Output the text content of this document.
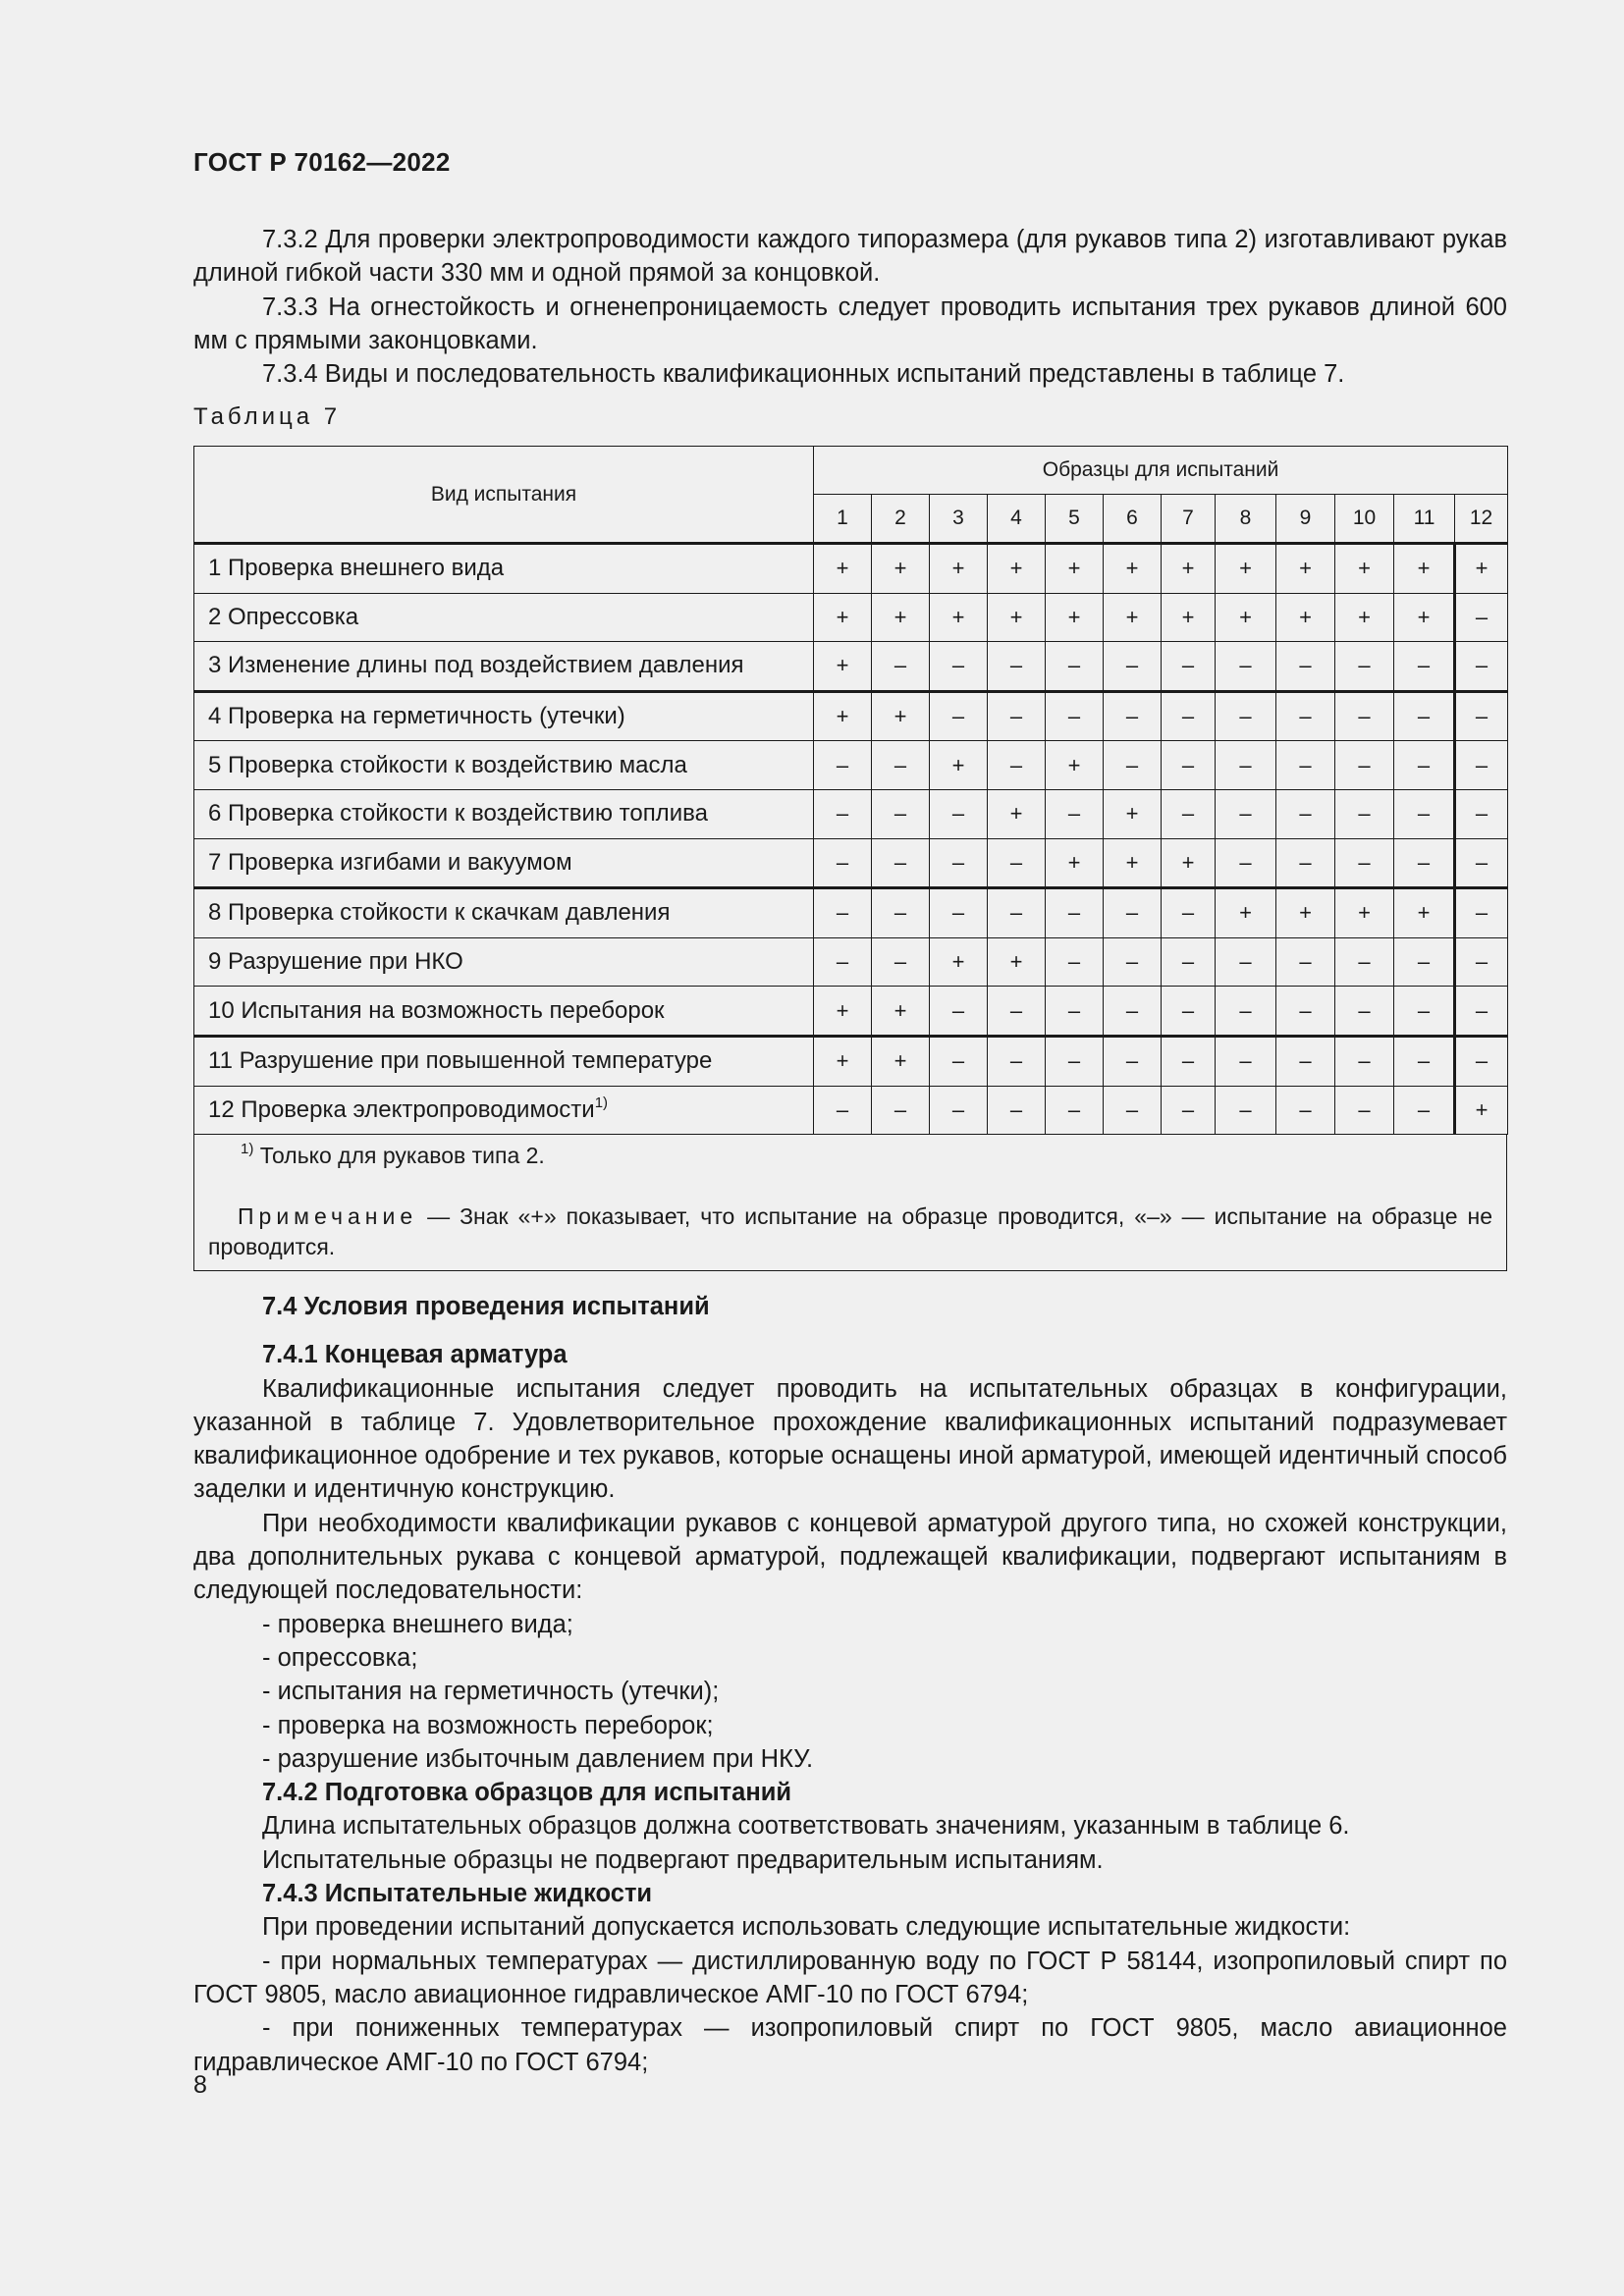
ГОСТ Р 70162—2022

7.3.2 Для проверки электропроводимости каждого типоразмера (для рукавов типа 2) изготавливают рукав длиной гибкой части 330 мм и одной прямой за концовкой.

7.3.3 На огнестойкость и огненепроницаемость следует проводить испытания трех рукавов длиной 600 мм с прямыми законцовками.

7.3.4 Виды и последовательность квалификационных испытаний представлены в таблице 7.

Таблица 7
Вид испытания	Образцы для испытаний											
	1	2	3	4	5	6	7	8	9	10	11	12
1 Проверка внешнего вида	+	+	+	+	+	+	+	+	+	+	+	+
2 Опрессовка	+	+	+	+	+	+	+	+	+	+	+	–
3 Изменение длины под воздействием давления	+	–	–	–	–	–	–	–	–	–	–	–
4 Проверка на герметичность (утечки)	+	+	–	–	–	–	–	–	–	–	–	–
5 Проверка стойкости к воздействию масла	–	–	+	–	+	–	–	–	–	–	–	–
6 Проверка стойкости к воздействию топлива	–	–	–	+	–	+	–	–	–	–	–	–
7 Проверка изгибами и вакуумом	–	–	–	–	+	+	+	–	–	–	–	–
8 Проверка стойкости к скачкам давления	–	–	–	–	–	–	–	+	+	+	+	–
9 Разрушение при НКО	–	–	+	+	–	–	–	–	–	–	–	–
10 Испытания на возможность переборок	+	+	–	–	–	–	–	–	–	–	–	–
11 Разрушение при повышенной температуре	+	+	–	–	–	–	–	–	–	–	–	–
12 Проверка электропроводимости$^{1)}$	–	–	–	–	–	–	–	–	–	–	–	+

$^{1)}$ Только для рукавов типа 2.

Примечание — Знак «+» показывает, что испытание на образце проводится, «–» — испытание на образце не проводится.

7.4 Условия проведения испытаний

7.4.1 Концевая арматура

Квалификационные испытания следует проводить на испытательных образцах в конфигурации, указанной в таблице 7. Удовлетворительное прохождение квалификационных испытаний подразумевает квалификационное одобрение и тех рукавов, которые оснащены иной арматурой, имеющей идентичный способ заделки и идентичную конструкцию.

При необходимости квалификации рукавов с концевой арматурой другого типа, но схожей конструкции, два дополнительных рукава с концевой арматурой, подлежащей квалификации, подвергают испытаниям в следующей последовательности:

- проверка внешнего вида;

- опрессовка;

- испытания на герметичность (утечки);

- проверка на возможность переборок;

- разрушение избыточным давлением при НКУ.

7.4.2 Подготовка образцов для испытаний

Длина испытательных образцов должна соответствовать значениям, указанным в таблице 6.

Испытательные образцы не подвергают предварительным испытаниям.

7.4.3 Испытательные жидкости

При проведении испытаний допускается использовать следующие испытательные жидкости:

- при нормальных температурах — дистиллированную воду по ГОСТ Р 58144, изопропиловый спирт по ГОСТ 9805, масло авиационное гидравлическое АМГ-10 по ГОСТ 6794;

- при пониженных температурах — изопропиловый спирт по ГОСТ 9805, масло авиационное гидравлическое АМГ-10 по ГОСТ 6794;

8
